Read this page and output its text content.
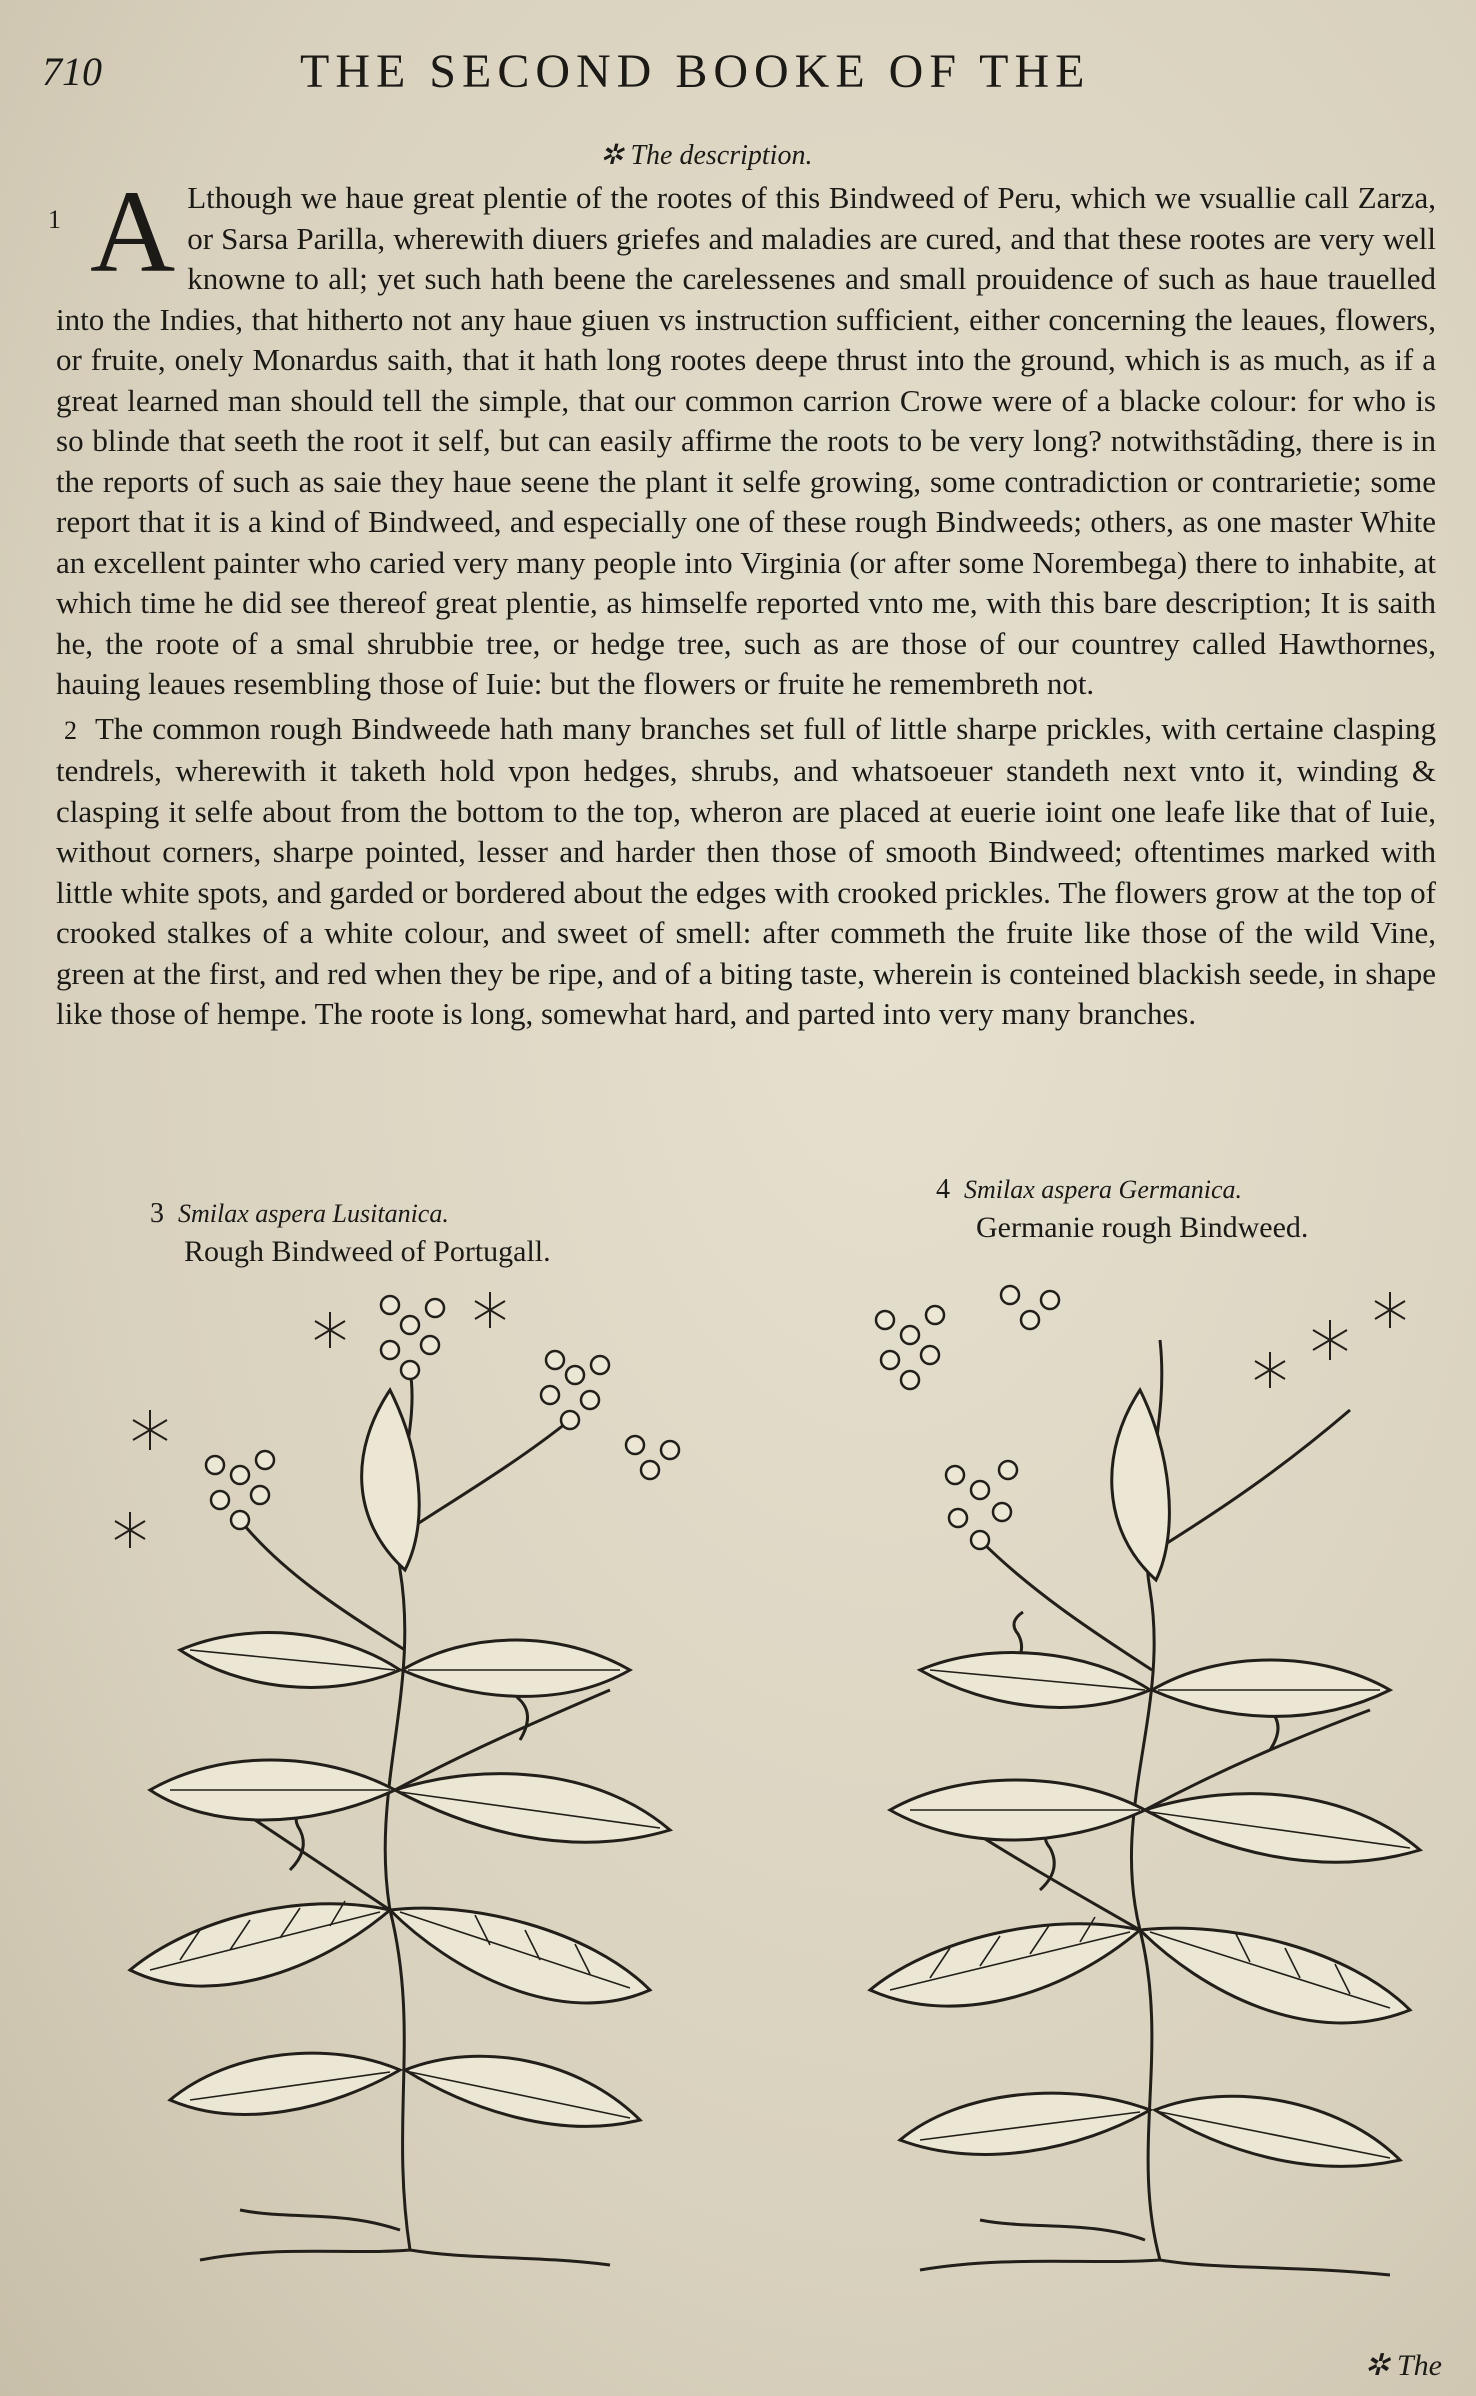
710	THE SECOND BOOKE OF THE
✲ The description.

1 A Lthough we haue great plentie of the rootes of this Bindweed of Peru, which we vsuallie call Zarza, or Sarsa Parilla, wherewith diuers griefes and maladies are cured, and that these rootes are very well knowne to all; yet such hath beene the carelessenes and small prouidence of such as haue trauelled into the Indies, that hitherto not any haue giuen vs instruction sufficient, either concerning the leaues, flowers, or fruite, onely Monardus saith, that it hath long rootes deepe thrust into the ground, which is as much, as if a great learned man should tell the simple, that our common carrion Crowe were of a blacke colour: for who is so blinde that seeth the root it self, but can easily affirme the roots to be very long? notwithstãding, there is in the reports of such as saie they haue seene the plant it selfe growing, some contradiction or contrarietie; some report that it is a kind of Bindweed, and especially one of these rough Bindweeds; others, as one master White an excellent painter who caried very many people into Virginia (or after some Norembega) there to inhabite, at which time he did see thereof great plentie, as himselfe reported vnto me, with this bare description; It is saith he, the roote of a smal shrubbie tree, or hedge tree, such as are those of our countrey called Hawthornes, hauing leaues resembling those of Iuie: but the flowers or fruite he remembreth not.

2 The common rough Bindweede hath many branches set full of little sharpe prickles, with certaine clasping tendrels, wherewith it taketh hold vpon hedges, shrubs, and whatsoeuer standeth next vnto it, winding & clasping it selfe about from the bottom to the top, wheron are placed at euerie ioint one leafe like that of Iuie, without corners, sharpe pointed, lesser and harder then those of smooth Bindweed; oftentimes marked with little white spots, and garded or bordered about the edges with crooked prickles. The flowers grow at the top of crooked stalkes of a white colour, and sweet of smell: after commeth the fruite like those of the wild Vine, green at the first, and red when they be ripe, and of a biting taste, wherein is conteined blackish seede, in shape like those of hempe. The roote is long, somewhat hard, and parted into very many branches.

3 Smilax aspera Lusitanica.
Rough Bindweed of Portugall.
4 Smilax aspera Germanica.
Germanie rough Bindweed.
✲ The
